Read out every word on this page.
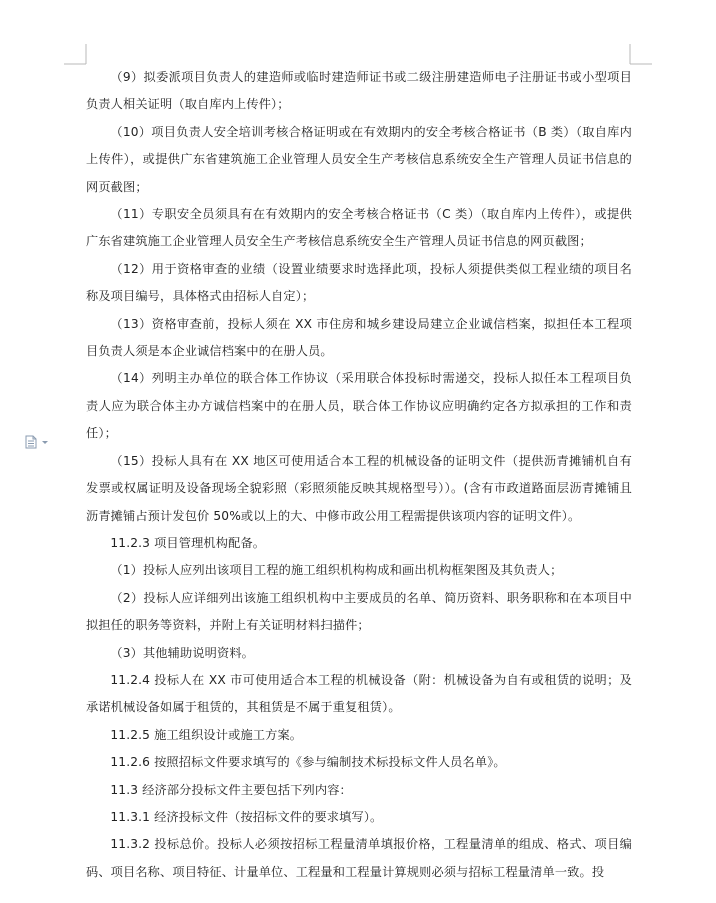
（9）拟委派项目负责人的建造师或临时建造师证书或二级注册建造师电子注册证书或小型项目负责人相关证明（取自库内上传件）；

（10）项目负责人安全培训考核合格证明或在有效期内的安全考核合格证书（B 类）（取自库内上传件），或提供广东省建筑施工企业管理人员安全生产考核信息系统安全生产管理人员证书信息的网页截图；

（11）专职安全员须具有在有效期内的安全考核合格证书（C 类）（取自库内上传件），或提供广东省建筑施工企业管理人员安全生产考核信息系统安全生产管理人员证书信息的网页截图；

（12）用于资格审查的业绩（设置业绩要求时选择此项，投标人须提供类似工程业绩的项目名称及项目编号，具体格式由招标人自定）；

（13）资格审查前，投标人须在 XX 市住房和城乡建设局建立企业诚信档案，拟担任本工程项目负责人须是本企业诚信档案中的在册人员。

（14）列明主办单位的联合体工作协议（采用联合体投标时需递交，投标人拟任本工程项目负责人应为联合体主办方诚信档案中的在册人员，联合体工作协议应明确约定各方拟承担的工作和责任）；

（15）投标人具有在 XX 地区可使用适合本工程的机械设备的证明文件（提供沥青摊铺机自有发票或权属证明及设备现场全貌彩照（彩照须能反映其规格型号））。(含有市政道路面层沥青摊铺且沥青摊铺占预计发包价 50%或以上的大、中修市政公用工程需提供该项内容的证明文件）。

11.2.3 项目管理机构配备。

（1）投标人应列出该项目工程的施工组织机构构成和画出机构框架图及其负责人；

（2）投标人应详细列出该施工组织机构中主要成员的名单、简历资料、职务职称和在本项目中拟担任的职务等资料，并附上有关证明材料扫描件；

（3）其他辅助说明资料。

11.2.4 投标人在 XX 市可使用适合本工程的机械设备（附：机械设备为自有或租赁的说明；及承诺机械设备如属于租赁的，其租赁是不属于重复租赁）。

11.2.5 施工组织设计或施工方案。

11.2.6 按照招标文件要求填写的《参与编制技术标投标文件人员名单》。

11.3 经济部分投标文件主要包括下列内容：

11.3.1 经济投标文件（按招标文件的要求填写）。

11.3.2 投标总价。投标人必须按招标工程量清单填报价格，工程量清单的组成、格式、项目编码、项目名称、项目特征、计量单位、工程量和工程量计算规则必须与招标工程量清单一致。投
